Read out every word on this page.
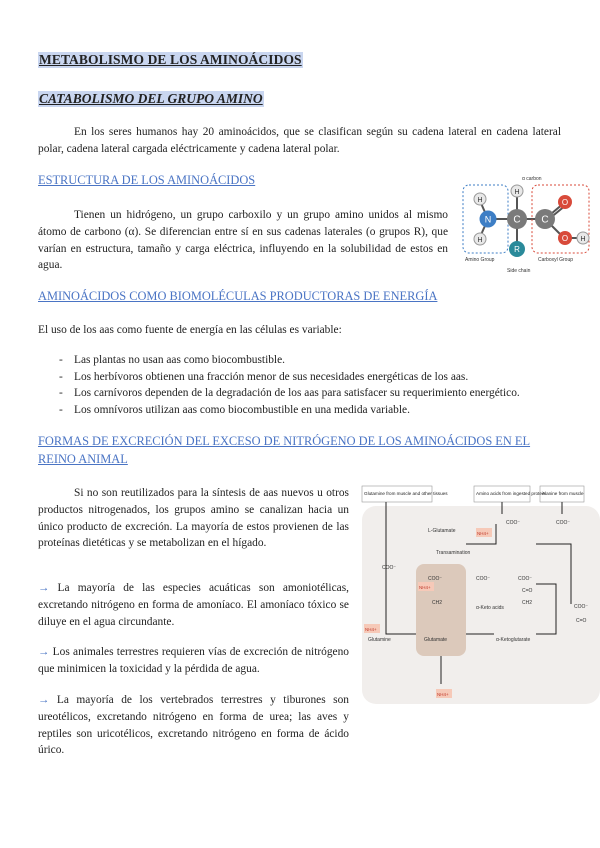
METABOLISMO DE LOS AMINOÁCIDOS
CATABOLISMO DEL GRUPO AMINO
En los seres humanos hay 20 aminoácidos, que se clasifican según su cadena lateral en cadena lateral polar, cadena lateral cargada eléctricamente y cadena lateral polar.
ESTRUCTURA DE LOS AMINOÁCIDOS
Tienen un hidrógeno, un grupo carboxilo y un grupo amino unidos al mismo átomo de carbono (α). Se diferencian entre sí en sus cadenas laterales (o grupos R), que varían en estructura, tamaño y carga eléctrica, influyendo en la solubilidad de estos en agua.
H
H
N
H
C C
O
O H
R
α carbon
Amino Group	Carboxyl Group
Side chain
AMINOÁCIDOS COMO BIOMOLÉCULAS PRODUCTORAS DE ENERGÍA
El uso de los aas como fuente de energía en las células es variable:
- Las plantas no usan aas como biocombustible.
- Los herbívoros obtienen una fracción menor de sus necesidades energéticas de los aas.
- Los carnívoros dependen de la degradación de los aas para satisfacer su requerimiento energético.
- Los omnívoros utilizan aas como biocombustible en una medida variable.
FORMAS DE EXCRECIÓN DEL EXCESO DE NITRÓGENO DE LOS AMINOÁCIDOS EN EL
REINO ANIMAL
Si no son reutilizados para la síntesis de aas nuevos u otros productos nitrogenados, los grupos amino se canalizan hacia un único producto de excreción. La mayoría de estos provienen de las proteínas dietéticas y se metabolizan en el hígado.
→ La mayoría de las especies acuáticas son amoniotélicas, excretando nitrógeno en forma de amoníaco. El amoníaco tóxico se diluye en el agua circundante.
→ Los animales terrestres requieren vías de excreción de nitrógeno que minimicen la toxicidad y la pérdida de agua.
→ La mayoría de los vertebrados terrestres y tiburones son ureotélicos, excretando nitrógeno en forma de urea; las aves y reptiles son uricotélicos, excretando nitrógeno en forma de ácido úrico.
Glutamine from muscle and other tissues	Amino acids from ingested protein
Alanine from muscle
L-Glutamate
Transamination
Glutamine	Glutamate	α-Ketoglutarate
α-Keto acids
COO⁻	COO⁻
COO⁻
COO⁻	COO⁻	COO⁻
COO⁻
CH2	CH2
C=O
C=O
NH4+
NH4+
NH4+
NH4+
